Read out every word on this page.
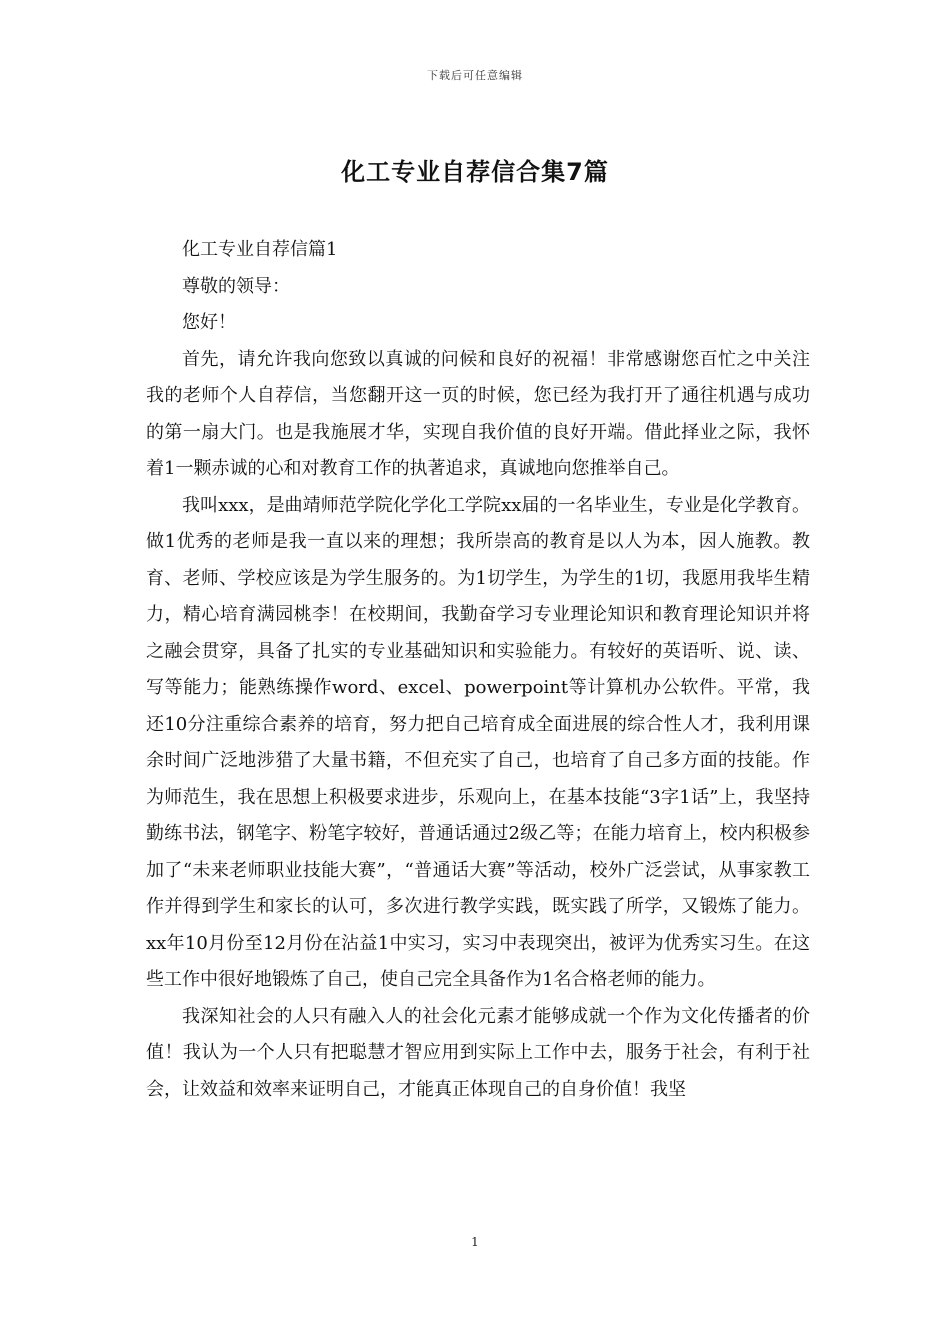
下载后可任意编辑
化工专业自荐信合集7篇

化工专业自荐信篇1

尊敬的领导：

您好！

首先，请允许我向您致以真诚的问候和良好的祝福！非常感谢您百忙之中关注我的老师个人自荐信，当您翻开这一页的时候，您已经为我打开了通往机遇与成功的第一扇大门。也是我施展才华，实现自我价值的良好开端。借此择业之际，我怀着1一颗赤诚的心和对教育工作的执著追求，真诚地向您推举自己。

我叫xxx，是曲靖师范学院化学化工学院xx届的一名毕业生，专业是化学教育。做1优秀的老师是我一直以来的理想；我所崇高的教育是以人为本，因人施教。教育、老师、学校应该是为学生服务的。为1切学生，为学生的1切，我愿用我毕生精力，精心培育满园桃李！在校期间，我勤奋学习专业理论知识和教育理论知识并将之融会贯穿，具备了扎实的专业基础知识和实验能力。有较好的英语听、说、读、写等能力；能熟练操作word、excel、powerpoint等计算机办公软件。平常，我还10分注重综合素养的培育，努力把自己培育成全面进展的综合性人才，我利用课余时间广泛地涉猎了大量书籍，不但充实了自己，也培育了自己多方面的技能。作为师范生，我在思想上积极要求进步，乐观向上，在基本技能“3字1话”上，我坚持勤练书法，钢笔字、粉笔字较好，普通话通过2级乙等；在能力培育上，校内积极参加了“未来老师职业技能大赛”，“普通话大赛”等活动，校外广泛尝试，从事家教工作并得到学生和家长的认可，多次进行教学实践，既实践了所学，又锻炼了能力。xx年10月份至12月份在沾益1中实习，实习中表现突出，被评为优秀实习生。在这些工作中很好地锻炼了自己，使自己完全具备作为1名合格老师的能力。

我深知社会的人只有融入人的社会化元素才能够成就一个作为文化传播者的价值！我认为一个人只有把聪慧才智应用到实际上工作中去，服务于社会，有利于社会，让效益和效率来证明自己，才能真正体现自己的自身价值！我坚

1
